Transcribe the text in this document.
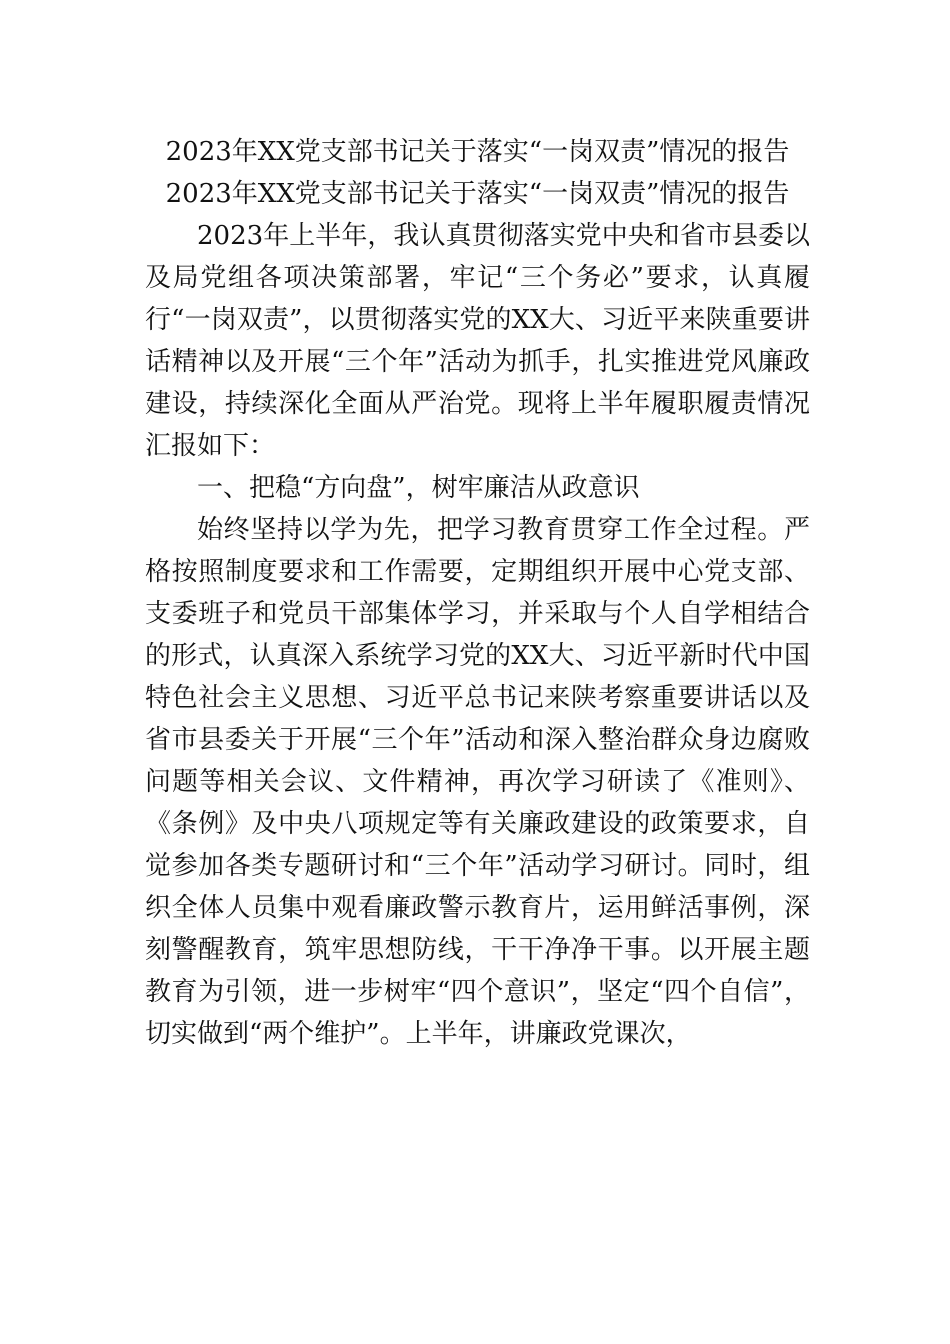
2023年XX党支部书记关于落实“一岗双责”情况的报告
2023年XX党支部书记关于落实“一岗双责”情况的报告

2023年上半年，我认真贯彻落实党中央和省市县委以及局党组各项决策部署，牢记“三个务必”要求，认真履行“一岗双责”，以贯彻落实党的XX大、习近平来陕重要讲话精神以及开展“三个年”活动为抓手，扎实推进党风廉政建设，持续深化全面从严治党。现将上半年履职履责情况汇报如下：

一、把稳“方向盘”，树牢廉洁从政意识

始终坚持以学为先，把学习教育贯穿工作全过程。严格按照制度要求和工作需要，定期组织开展中心党支部、支委班子和党员干部集体学习，并采取与个人自学相结合的形式，认真深入系统学习党的XX大、习近平新时代中国特色社会主义思想、习近平总书记来陕考察重要讲话以及省市县委关于开展“三个年”活动和深入整治群众身边腐败问题等相关会议、文件精神，再次学习研读了《准则》、《条例》及中央八项规定等有关廉政建设的政策要求，自觉参加各类专题研讨和“三个年”活动学习研讨。同时，组织全体人员集中观看廉政警示教育片，运用鲜活事例，深刻警醒教育，筑牢思想防线，干干净净干事。以开展主题教育为引领，进一步树牢“四个意识”，坚定“四个自信”，切实做到“两个维护”。上半年，讲廉政党课次，
